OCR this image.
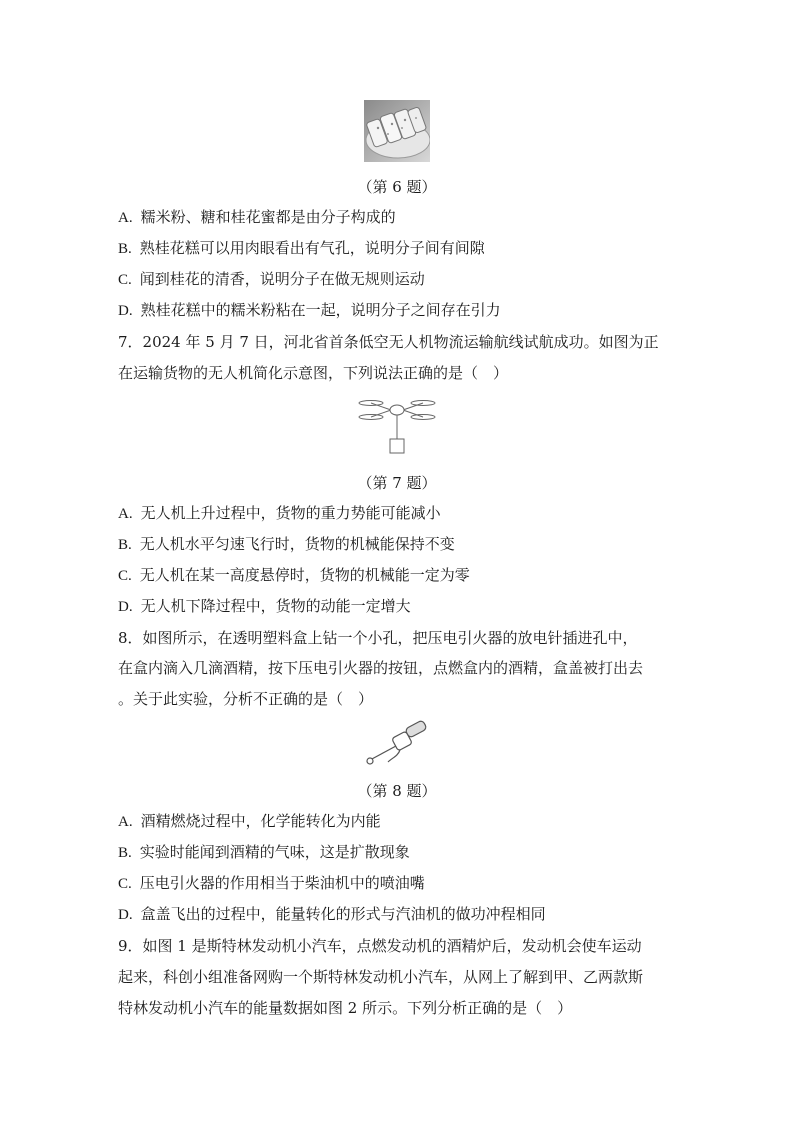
（第 6 题）
A. 糯米粉、糖和桂花蜜都是由分子构成的
B. 熟桂花糕可以用肉眼看出有气孔，说明分子间有间隙
C. 闻到桂花的清香，说明分子在做无规则运动
D. 熟桂花糕中的糯米粉粘在一起，说明分子之间存在引力
7．2024 年 5 月 7 日，河北省首条低空无人机物流运输航线试航成功。如图为正
在运输货物的无人机简化示意图，下列说法正确的是（　）
（第 7 题）
A. 无人机上升过程中，货物的重力势能可能减小
B. 无人机水平匀速飞行时，货物的机械能保持不变
C. 无人机在某一高度悬停时，货物的机械能一定为零
D. 无人机下降过程中，货物的动能一定增大
8．如图所示，在透明塑料盒上钻一个小孔，把压电引火器的放电针插进孔中，
在盒内滴入几滴酒精，按下压电引火器的按钮，点燃盒内的酒精，盒盖被打出去
。关于此实验，分析不正确的是（　）
（第 8 题）
A. 酒精燃烧过程中，化学能转化为内能
B. 实验时能闻到酒精的气味，这是扩散现象
C. 压电引火器的作用相当于柴油机中的喷油嘴
D. 盒盖飞出的过程中，能量转化的形式与汽油机的做功冲程相同
9．如图 1 是斯特林发动机小汽车，点燃发动机的酒精炉后，发动机会使车运动
起来，科创小组准备网购一个斯特林发动机小汽车，从网上了解到甲、乙两款斯
特林发动机小汽车的能量数据如图 2 所示。下列分析正确的是（　）
